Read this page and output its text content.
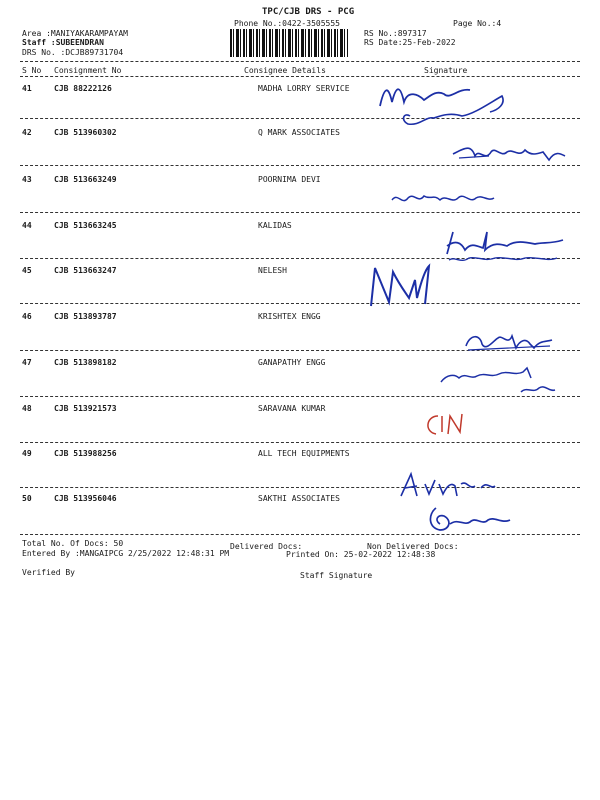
TPC/CJB DRS - PCG
Phone No.:0422-3505555	Page No.:4
Area :MANIYAKARAMPAYAM
Staff :SUBEENDRAN
DRS No. :DCJB89731704
RS No.:897317
RS Date:25-Feb-2022
S No Consignment No	Consignee Details	Signature
41	CJB 88222126	MADHA LORRY SERVICE
42	CJB 513960302	Q MARK ASSOCIATES
43	CJB 513663249	POORNIMA DEVI
44	CJB 513663245	KALIDAS
45	CJB 513663247	NELESH
46	CJB 513893787	KRISHTEX ENGG
47	CJB 513898182	GANAPATHY ENGG
48	CJB 513921573	SARAVANA KUMAR
49	CJB 513988256	ALL TECH EQUIPMENTS
50	CJB 513956046	SAKTHI ASSOCIATES
Total No. Of Docs: 50	Delivered Docs:	Non Delivered Docs:
Entered By :MANGAIPCG 2/25/2022 12:48:31 PM	Printed On: 25-02-2022 12:48:38
Verified By	Staff Signature
